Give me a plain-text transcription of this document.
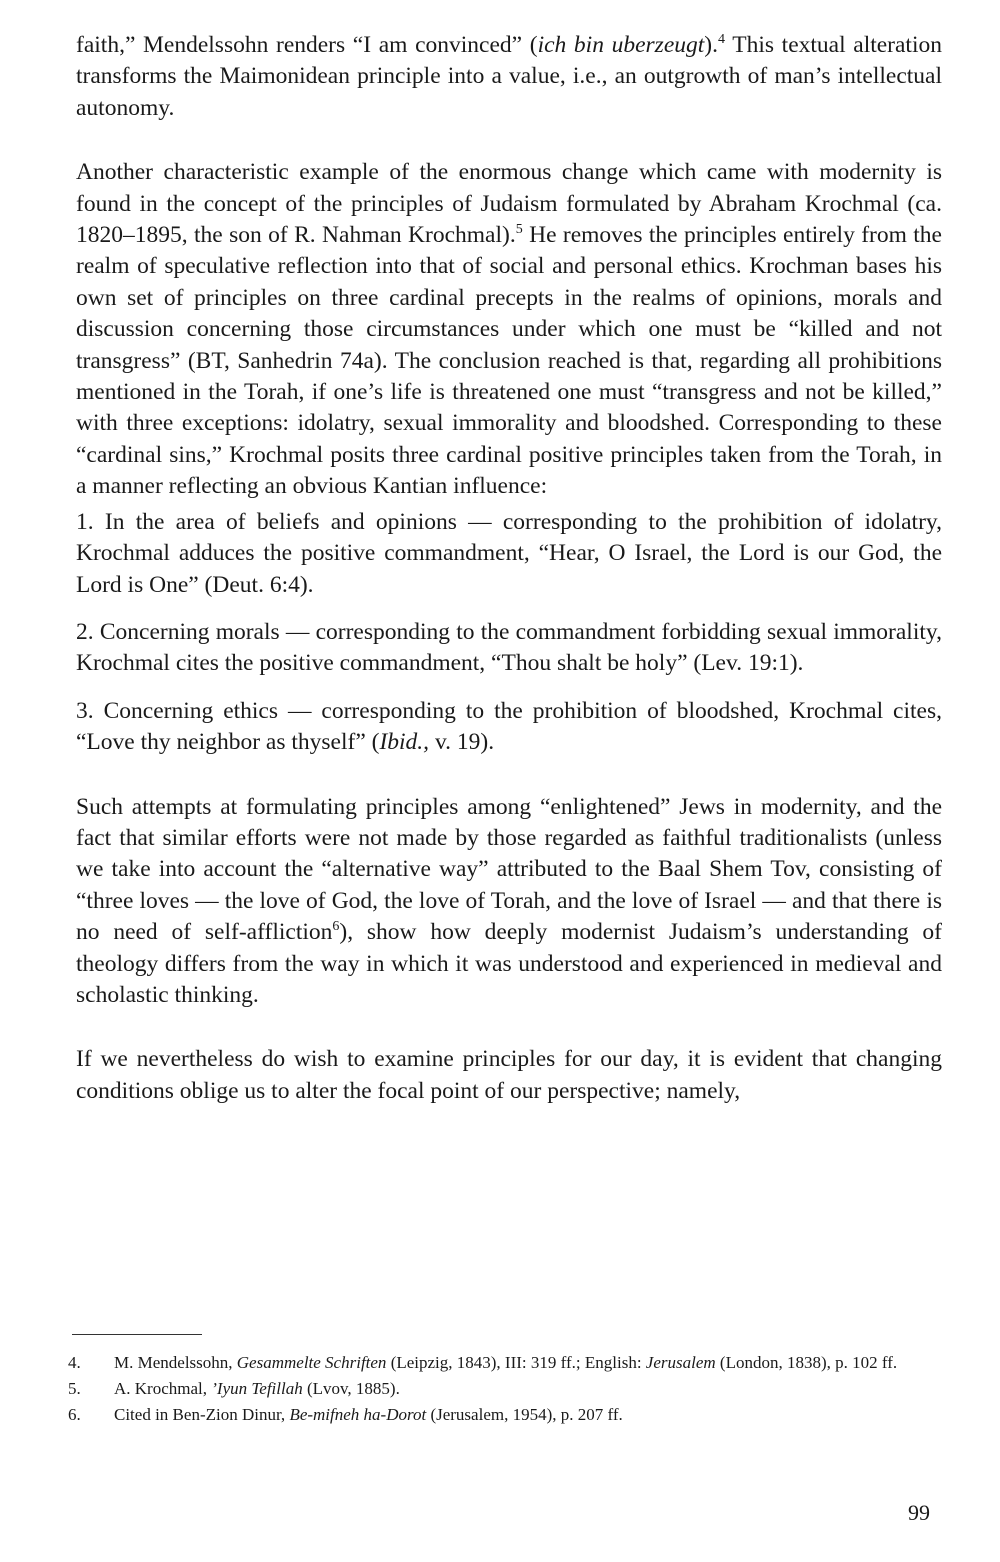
faith,” Mendelssohn renders “I am convinced” (ich bin uberzeugt).$^4$ This textual alteration transforms the Maimonidean principle into a value, i.e., an outgrowth of man’s intellectual autonomy.

Another characteristic example of the enormous change which came with modernity is found in the concept of the principles of Judaism formulated by Abraham Krochmal (ca. 1820–1895, the son of R. Nahman Krochmal).$^5$ He removes the principles entirely from the realm of speculative reflection into that of social and personal ethics. Krochman bases his own set of principles on three cardinal precepts in the realms of opinions, morals and discussion concerning those circumstances under which one must be “killed and not transgress” (BT, Sanhedrin 74a). The conclusion reached is that, regarding all prohibitions mentioned in the Torah, if one’s life is threatened one must “transgress and not be killed,” with three exceptions: idolatry, sexual immorality and bloodshed. Corresponding to these “cardinal sins,” Krochmal posits three cardinal positive principles taken from the Torah, in a manner reflecting an obvious Kantian influence:

1. In the area of beliefs and opinions — corresponding to the prohibition of idolatry, Krochmal adduces the positive commandment, “Hear, O Israel, the Lord is our God, the Lord is One” (Deut. 6:4).

2. Concerning morals — corresponding to the commandment forbidding sexual immorality, Krochmal cites the positive commandment, “Thou shalt be holy” (Lev. 19:1).

3. Concerning ethics — corresponding to the prohibition of bloodshed, Krochmal cites, “Love thy neighbor as thyself” (Ibid., v. 19).

Such attempts at formulating principles among “enlightened” Jews in modernity, and the fact that similar efforts were not made by those regarded as faithful traditionalists (unless we take into account the “alternative way” attributed to the Baal Shem Tov, consisting of “three loves — the love of God, the love of Torah, and the love of Israel — and that there is no need of self-affliction$^6$), show how deeply modernist Judaism’s understanding of theology differs from the way in which it was understood and experienced in medieval and scholastic thinking.

If we nevertheless do wish to examine principles for our day, it is evident that changing conditions oblige us to alter the focal point of our perspective; namely,

4. M. Mendelssohn, Gesammelte Schriften (Leipzig, 1843), III: 319 ff.; English: Jerusalem (London, 1838), p. 102 ff.

5. A. Krochmal, ’Iyun Tefillah (Lvov, 1885).

6. Cited in Ben-Zion Dinur, Be-mifneh ha-Dorot (Jerusalem, 1954), p. 207 ff.

99
